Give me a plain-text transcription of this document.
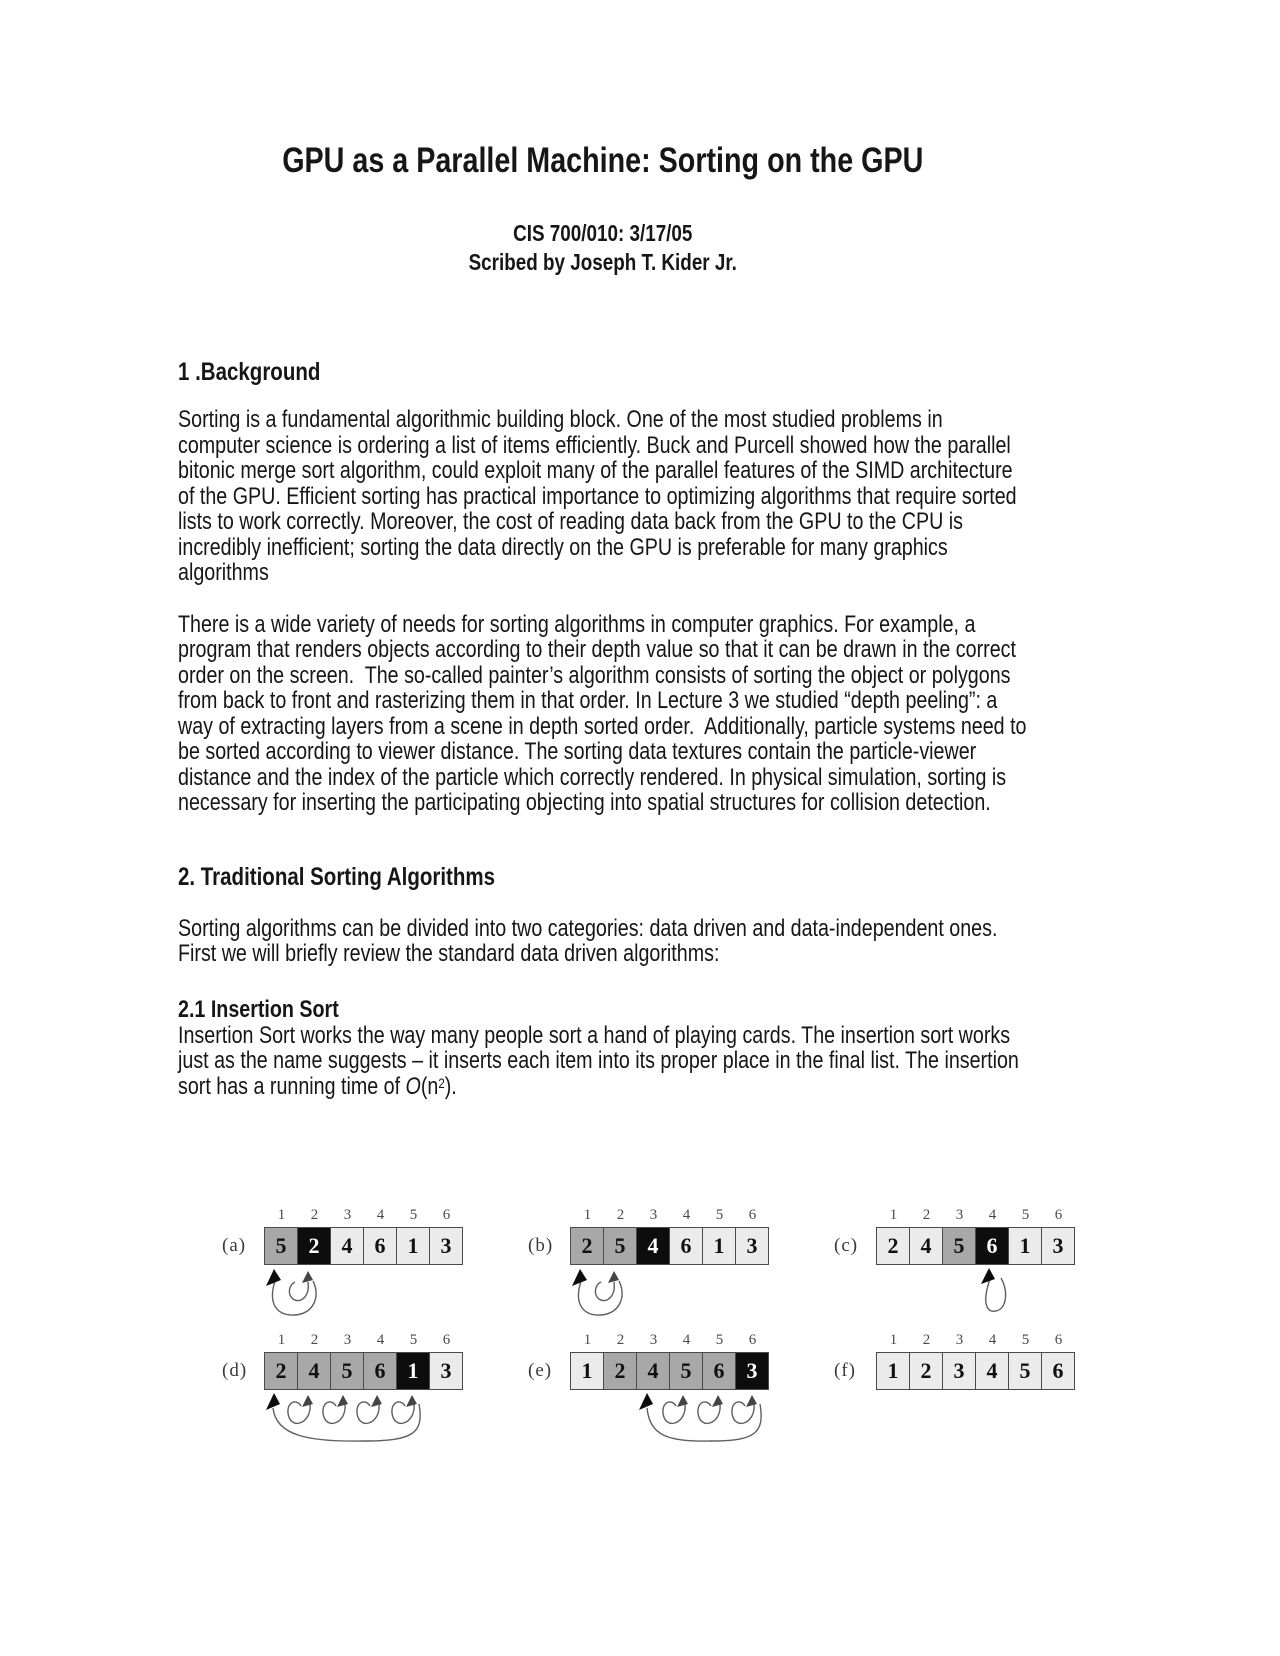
GPU as a Parallel Machine: Sorting on the GPU
CIS 700/010: 3/17/05
Scribed by Joseph T. Kider Jr.
1 .Background

Sorting is a fundamental algorithmic building block. One of the most studied problems in computer science is ordering a list of items efficiently. Buck and Purcell showed how the parallel bitonic merge sort algorithm, could exploit many of the parallel features of the SIMD architecture of the GPU. Efficient sorting has practical importance to optimizing algorithms that require sorted lists to work correctly. Moreover, the cost of reading data back from the GPU to the CPU is incredibly inefficient; sorting the data directly on the GPU is preferable for many graphics algorithms

There is a wide variety of needs for sorting algorithms in computer graphics. For example, a program that renders objects according to their depth value so that it can be drawn in the correct order on the screen.  The so-called painter’s algorithm consists of sorting the object or polygons from back to front and rasterizing them in that order. In Lecture 3 we studied “depth peeling”: a way of extracting layers from a scene in depth sorted order.  Additionally, particle systems need to be sorted according to viewer distance. The sorting data textures contain the particle-viewer distance and the index of the particle which correctly rendered. In physical simulation, sorting is necessary for inserting the participating objecting into spatial structures for collision detection.

2. Traditional Sorting Algorithms

Sorting algorithms can be divided into two categories: data driven and data-independent ones.  First we will briefly review the standard data driven algorithms:

2.1 Insertion Sort

Insertion Sort works the way many people sort a hand of playing cards. The insertion sort works just as the name suggests – it inserts each item into its proper place in the final list. The insertion sort has a running time of $O(n^2)$.

(a)
1	2	3	4	5	6
5	2	4	6	1	3	(b)
1	2	3	4	5	6
2	5	4	6	1	3	(c)
1	2	3	4	5	6
2	4	5	6	1	3
(d)
1	2	3	4	5	6
2	4	5	6	1	3	(e)
1	2	3	4	5	6
1	2	4	5	6	3	(f)
1	2	3	4	5	6
1	2	3	4	5	6
